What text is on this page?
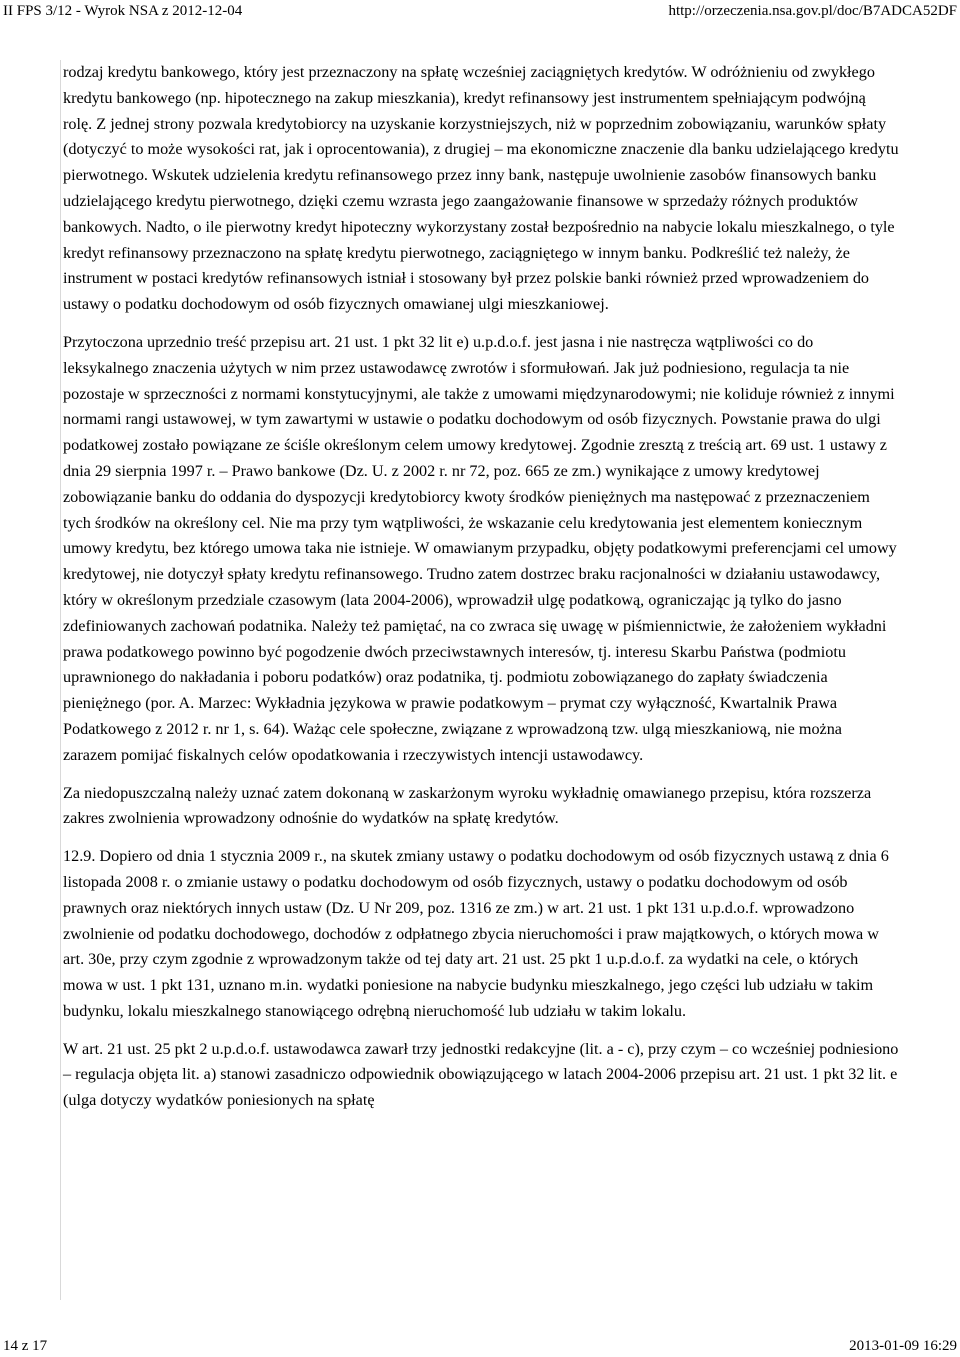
II FPS 3/12 - Wyrok NSA z 2012-12-04	http://orzeczenia.nsa.gov.pl/doc/B7ADCA52DF

rodzaj kredytu bankowego, który jest przeznaczony na spłatę wcześniej zaciągniętych kredytów. W odróżnieniu od zwykłego kredytu bankowego (np. hipotecznego na zakup mieszkania), kredyt refinansowy jest instrumentem spełniającym podwójną rolę. Z jednej strony pozwala kredytobiorcy na uzyskanie korzystniejszych, niż w poprzednim zobowiązaniu, warunków spłaty (dotyczyć to może wysokości rat, jak i oprocentowania), z drugiej – ma ekonomiczne znaczenie dla banku udzielającego kredytu pierwotnego. Wskutek udzielenia kredytu refinansowego przez inny bank, następuje uwolnienie zasobów finansowych banku udzielającego kredytu pierwotnego, dzięki czemu wzrasta jego zaangażowanie finansowe w sprzedaży różnych produktów bankowych. Nadto, o ile pierwotny kredyt hipoteczny wykorzystany został bezpośrednio na nabycie lokalu mieszkalnego, o tyle kredyt refinansowy przeznaczono na spłatę kredytu pierwotnego, zaciągniętego w innym banku. Podkreślić też należy, że instrument w postaci kredytów refinansowych istniał i stosowany był przez polskie banki również przed wprowadzeniem do ustawy o podatku dochodowym od osób fizycznych omawianej ulgi mieszkaniowej.

Przytoczona uprzednio treść przepisu art. 21 ust. 1 pkt 32 lit e) u.p.d.o.f. jest jasna i nie nastręcza wątpliwości co do leksykalnego znaczenia użytych w nim przez ustawodawcę zwrotów i sformułowań. Jak już podniesiono, regulacja ta nie pozostaje w sprzeczności z normami konstytucyjnymi, ale także z umowami międzynarodowymi; nie koliduje również z innymi normami rangi ustawowej, w tym zawartymi w ustawie o podatku dochodowym od osób fizycznych. Powstanie prawa do ulgi podatkowej zostało powiązane ze ściśle określonym celem umowy kredytowej. Zgodnie zresztą z treścią art. 69 ust. 1 ustawy z dnia 29 sierpnia 1997 r. – Prawo bankowe (Dz. U. z 2002 r. nr 72, poz. 665 ze zm.) wynikające z umowy kredytowej zobowiązanie banku do oddania do dyspozycji kredytobiorcy kwoty środków pieniężnych ma następować z przeznaczeniem tych środków na określony cel. Nie ma przy tym wątpliwości, że wskazanie celu kredytowania jest elementem koniecznym umowy kredytu, bez którego umowa taka nie istnieje. W omawianym przypadku, objęty podatkowymi preferencjami cel umowy kredytowej, nie dotyczył spłaty kredytu refinansowego. Trudno zatem dostrzec braku racjonalności w działaniu ustawodawcy, który w określonym przedziale czasowym (lata 2004-2006), wprowadził ulgę podatkową, ograniczając ją tylko do jasno zdefiniowanych zachowań podatnika. Należy też pamiętać, na co zwraca się uwagę w piśmiennictwie, że założeniem wykładni prawa podatkowego powinno być pogodzenie dwóch przeciwstawnych interesów, tj. interesu Skarbu Państwa (podmiotu uprawnionego do nakładania i poboru podatków) oraz podatnika, tj. podmiotu zobowiązanego do zapłaty świadczenia pieniężnego (por. A. Marzec: Wykładnia językowa w prawie podatkowym – prymat czy wyłączność, Kwartalnik Prawa Podatkowego z 2012 r. nr 1, s. 64). Ważąc cele społeczne, związane z wprowadzoną tzw. ulgą mieszkaniową, nie można zarazem pomijać fiskalnych celów opodatkowania i rzeczywistych intencji ustawodawcy.

Za niedopuszczalną należy uznać zatem dokonaną w zaskarżonym wyroku wykładnię omawianego przepisu, która rozszerza zakres zwolnienia wprowadzony odnośnie do wydatków na spłatę kredytów.

12.9. Dopiero od dnia 1 stycznia 2009 r., na skutek zmiany ustawy o podatku dochodowym od osób fizycznych ustawą z dnia 6 listopada 2008 r. o zmianie ustawy o podatku dochodowym od osób fizycznych, ustawy o podatku dochodowym od osób prawnych oraz niektórych innych ustaw (Dz. U Nr 209, poz. 1316 ze zm.) w art. 21 ust. 1 pkt 131 u.p.d.o.f. wprowadzono zwolnienie od podatku dochodowego, dochodów z odpłatnego zbycia nieruchomości i praw majątkowych, o których mowa w art. 30e, przy czym zgodnie z wprowadzonym także od tej daty art. 21 ust. 25 pkt 1 u.p.d.o.f. za wydatki na cele, o których mowa w ust. 1 pkt 131, uznano m.in. wydatki poniesione na nabycie budynku mieszkalnego, jego części lub udziału w takim budynku, lokalu mieszkalnego stanowiącego odrębną nieruchomość lub udziału w takim lokalu.

W art. 21 ust. 25 pkt 2 u.p.d.o.f. ustawodawca zawarł trzy jednostki redakcyjne (lit. a - c), przy czym – co wcześniej podniesiono – regulacja objęta lit. a) stanowi zasadniczo odpowiednik obowiązującego w latach 2004-2006 przepisu art. 21 ust. 1 pkt 32 lit. e (ulga dotyczy wydatków poniesionych na spłatę

14 z 17	2013-01-09 16:29
